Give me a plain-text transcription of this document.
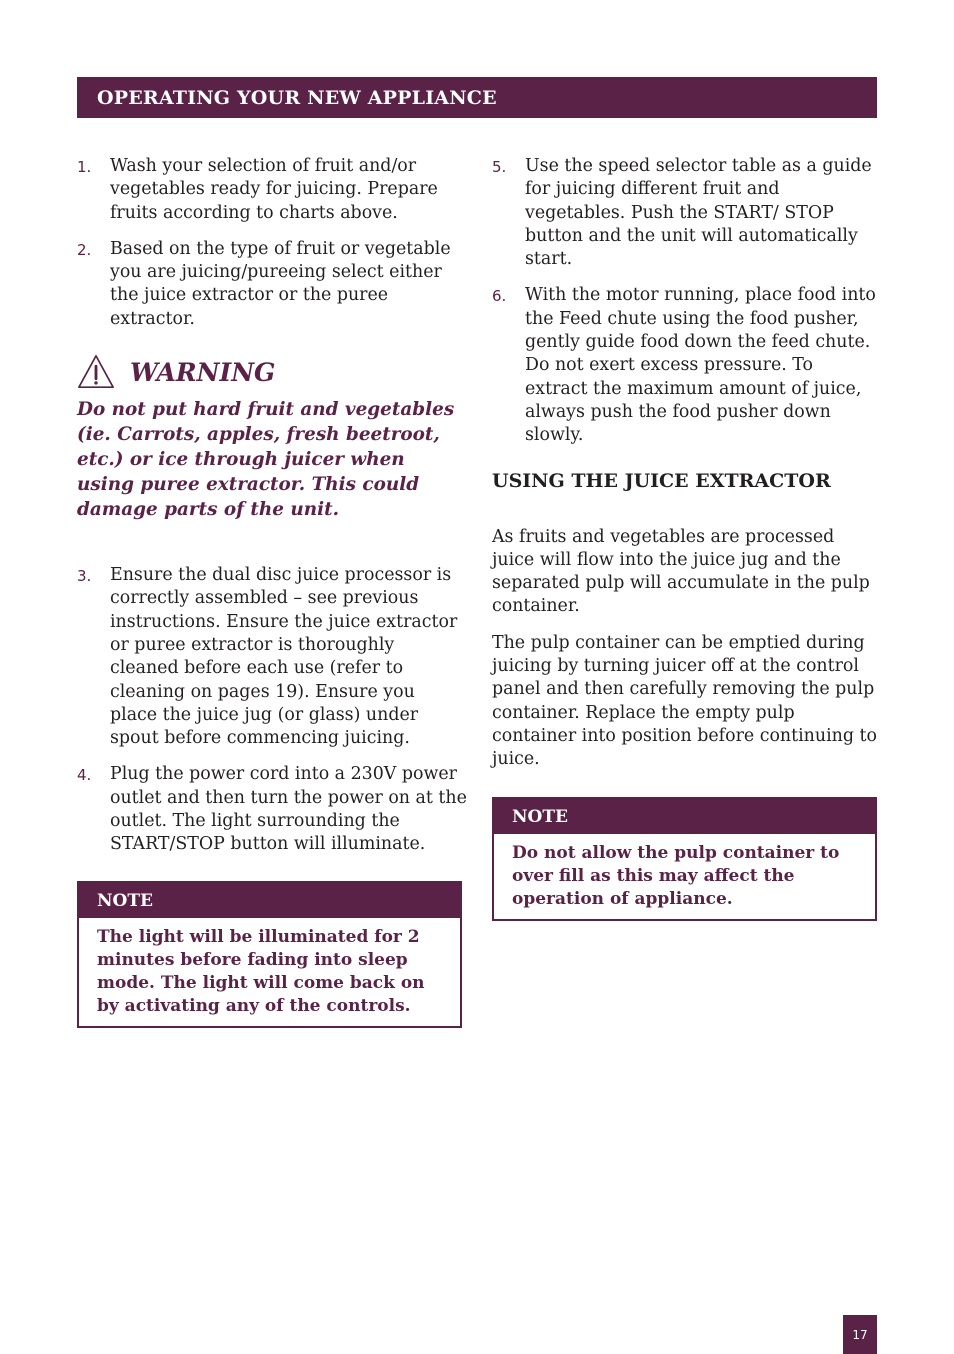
OPERATING YOUR NEW APPLIANCE
1.	Wash your selection of fruit and/or vegetables ready for juicing. Prepare fruits according to charts above.
2.	Based on the type of fruit or vegetable you are juicing/pureeing select either the juice extractor or the puree extractor.
WARNING
Do not put hard fruit and vegetables (ie. Carrots, apples, fresh beetroot, etc.) or ice through juicer when using puree extractor. This could damage parts of the unit.
3.	Ensure the dual disc juice processor is correctly assembled – see previous instructions. Ensure the juice extractor or puree extractor is thoroughly cleaned before each use (refer to cleaning on pages 19). Ensure you place the juice jug (or glass) under spout before commencing juicing.
4.	Plug the power cord into a 230V power outlet and then turn the power on at the outlet. The light surrounding the START/STOP button will illuminate.
NOTE
The light will be illuminated for 2 minutes before fading into sleep mode. The light will come back on by activating any of the controls.
5.	Use the speed selector table as a guide for juicing different fruit and vegetables. Push the START/ STOP button and the unit will automatically start.
6.	With the motor running, place food into the Feed chute using the food pusher, gently guide food down the feed chute. Do not exert excess pressure. To extract the maximum amount of juice, always push the food pusher down slowly.
USING THE JUICE EXTRACTOR

As fruits and vegetables are processed juice will flow into the juice jug and the separated pulp will accumulate in the pulp container.

The pulp container can be emptied during juicing by turning juicer off at the control panel and then carefully removing the pulp container. Replace the empty pulp container into position before continuing to juice.

NOTE
Do not allow the pulp container to over fill as this may affect the operation of appliance.
17
